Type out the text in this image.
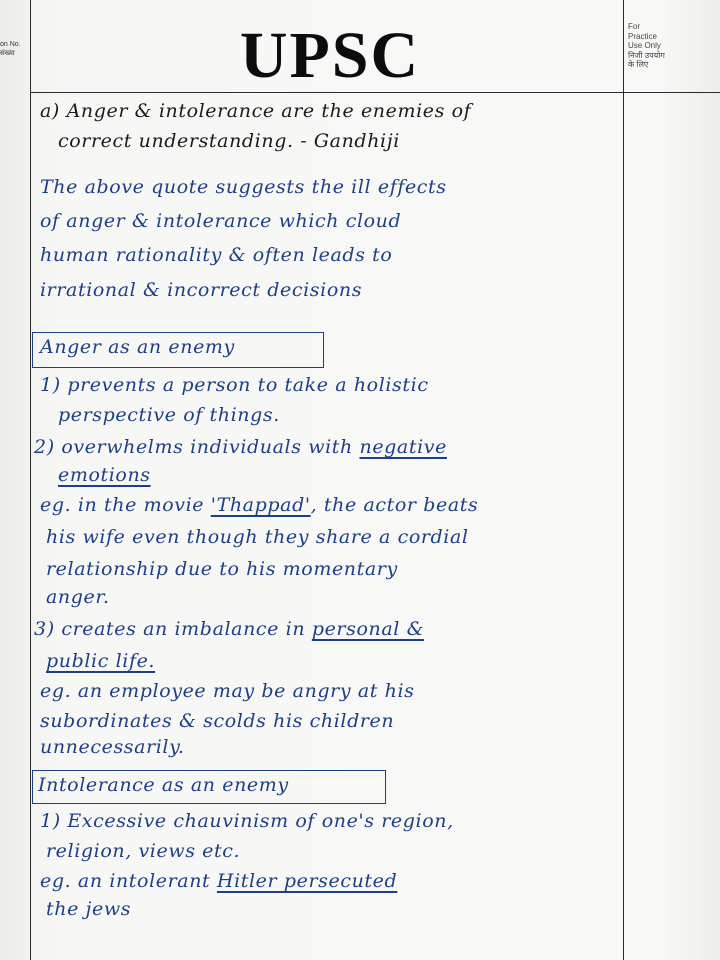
on No.
संख्या	UPSC	For
Practice
Use Only
निजी उपयोग
के लिए
a) Anger & intolerance are the enemies of
correct understanding. - Gandhiji
The above quote suggests the ill effects
of anger & intolerance which cloud
human rationality & often leads to
irrational & incorrect decisions
Anger as an enemy
1) prevents a person to take a holistic
perspective of things.
2) overwhelms individuals with negative
emotions
eg. in the movie 'Thappad', the actor beats
his wife even though they share a cordial
relationship due to his momentary
anger.
3) creates an imbalance in personal &
public life.
eg. an employee may be angry at his
subordinates & scolds his children
unnecessarily.
Intolerance as an enemy
1) Excessive chauvinism of one's region,
religion, views etc.
eg. an intolerant Hitler persecuted
the jews
